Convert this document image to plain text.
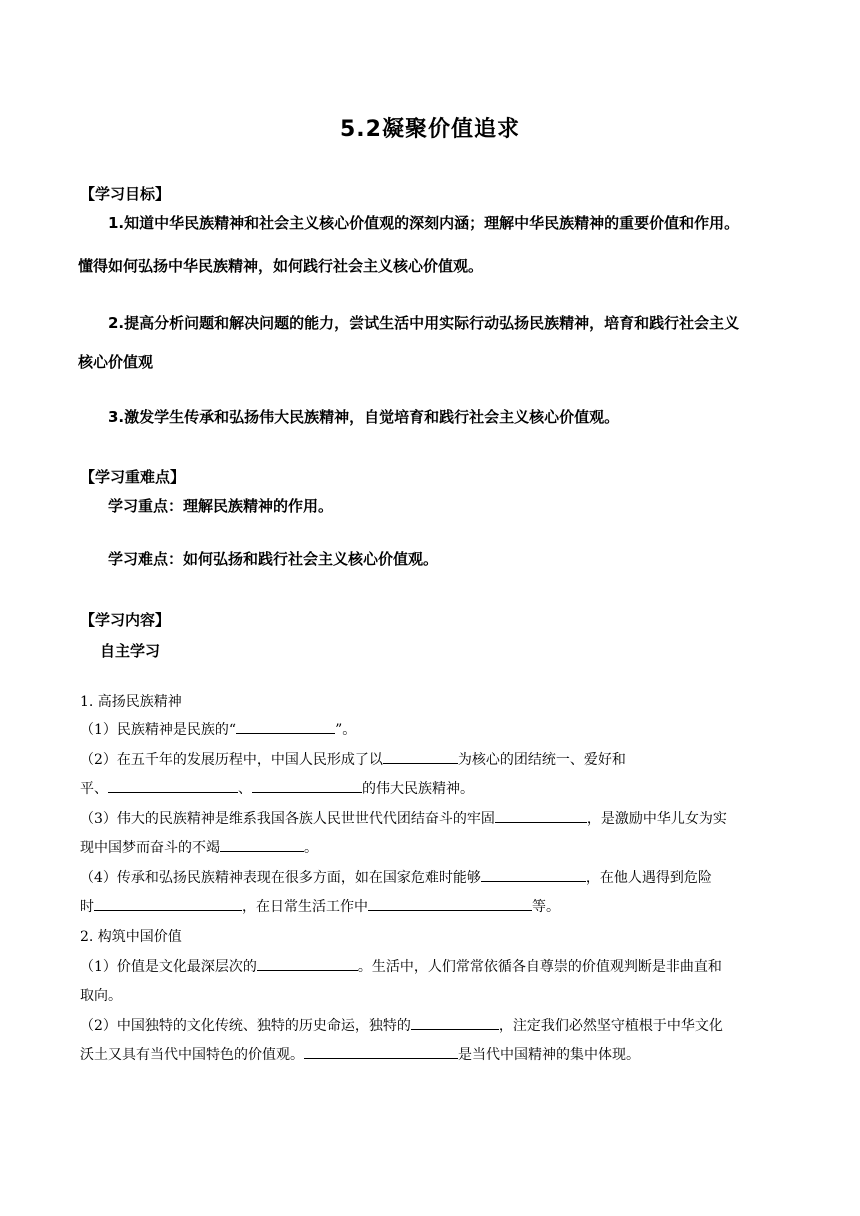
5.2凝聚价值追求
【学习目标】
1.知道中华民族精神和社会主义核心价值观的深刻内涵；理解中华民族精神的重要价值和作用。
懂得如何弘扬中华民族精神，如何践行社会主义核心价值观。
2.提高分析问题和解决问题的能力，尝试生活中用实际行动弘扬民族精神，培育和践行社会主义
核心价值观
3.激发学生传承和弘扬伟大民族精神，自觉培育和践行社会主义核心价值观。
【学习重难点】
学习重点：理解民族精神的作用。
学习难点：如何弘扬和践行社会主义核心价值观。
【学习内容】
自主学习
1. 高扬民族精神
（1）民族精神是民族的“	”。
（2）在五千年的发展历程中，中国人民形成了以	为核心的团结统一、爱好和
平、	、	的伟大民族精神。
（3）伟大的民族精神是维系我国各族人民世世代代团结奋斗的牢固	，是激励中华儿女为实
现中国梦而奋斗的不竭	。
（4）传承和弘扬民族精神表现在很多方面，如在国家危难时能够	，在他人遇得到危险
时	，在日常生活工作中	等。
2. 构筑中国价值
（1）价值是文化最深层次的	。生活中，人们常常依循各自尊崇的价值观判断是非曲直和
取向。
（2）中国独特的文化传统、独特的历史命运，独特的	，注定我们必然坚守植根于中华文化
沃土又具有当代中国特色的价值观。	是当代中国精神的集中体现。
